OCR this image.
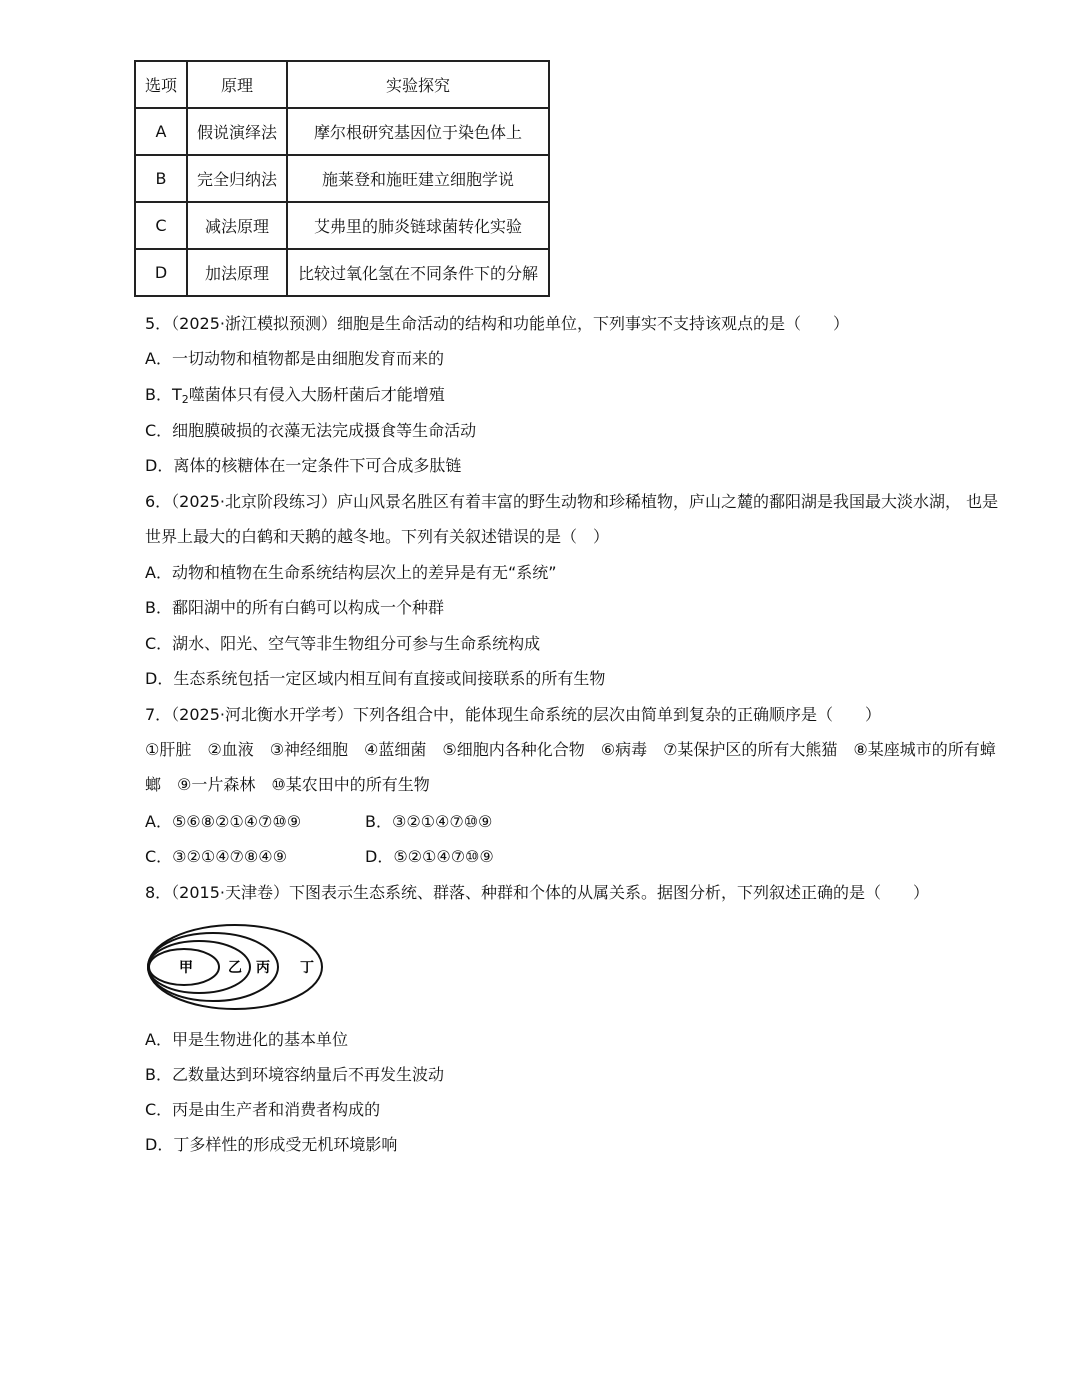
选项	原理	实验探究
A	假说演绎法	摩尔根研究基因位于染色体上
B	完全归纳法	施莱登和施旺建立细胞学说
C	减法原理	艾弗里的肺炎链球菌转化实验
D	加法原理	比较过氧化氢在不同条件下的分解
5．（2025·浙江模拟预测）细胞是生命活动的结构和功能单位，下列事实不支持该观点的是（　　）
A．一切动物和植物都是由细胞发育而来的
B．$T_2$噬菌体只有侵入大肠杆菌后才能增殖
C．细胞膜破损的衣藻无法完成摄食等生命活动
D．离体的核糖体在一定条件下可合成多肽链
6．（2025·北京阶段练习）庐山风景名胜区有着丰富的野生动物和珍稀植物，庐山之麓的鄱阳湖是我国最大淡水湖， 也是世界上最大的白鹤和天鹅的越冬地。下列有关叙述错误的是（　）
A．动物和植物在生命系统结构层次上的差异是有无“系统”
B．鄱阳湖中的所有白鹤可以构成一个种群
C．湖水、阳光、空气等非生物组分可参与生命系统构成
D．生态系统包括一定区域内相互间有直接或间接联系的所有生物
7．（2025·河北衡水开学考）下列各组合中，能体现生命系统的层次由简单到复杂的正确顺序是（　　）
①肝脏　②血液　③神经细胞　④蓝细菌　⑤细胞内各种化合物　⑥病毒　⑦某保护区的所有大熊猫　⑧某座城市的所有蟑螂　⑨一片森林　⑩某农田中的所有生物
A．⑤⑥⑧②①④⑦⑩⑨	B．③②①④⑦⑩⑨
C．③②①④⑦⑧④⑨	D．⑤②①④⑦⑩⑨
8．（2015·天津卷）下图表示生态系统、群落、种群和个体的从属关系。据图分析，下列叙述正确的是（　　）
甲	乙 丙 丁
A．甲是生物进化的基本单位
B．乙数量达到环境容纳量后不再发生波动
C．丙是由生产者和消费者构成的
D．丁多样性的形成受无机环境影响
